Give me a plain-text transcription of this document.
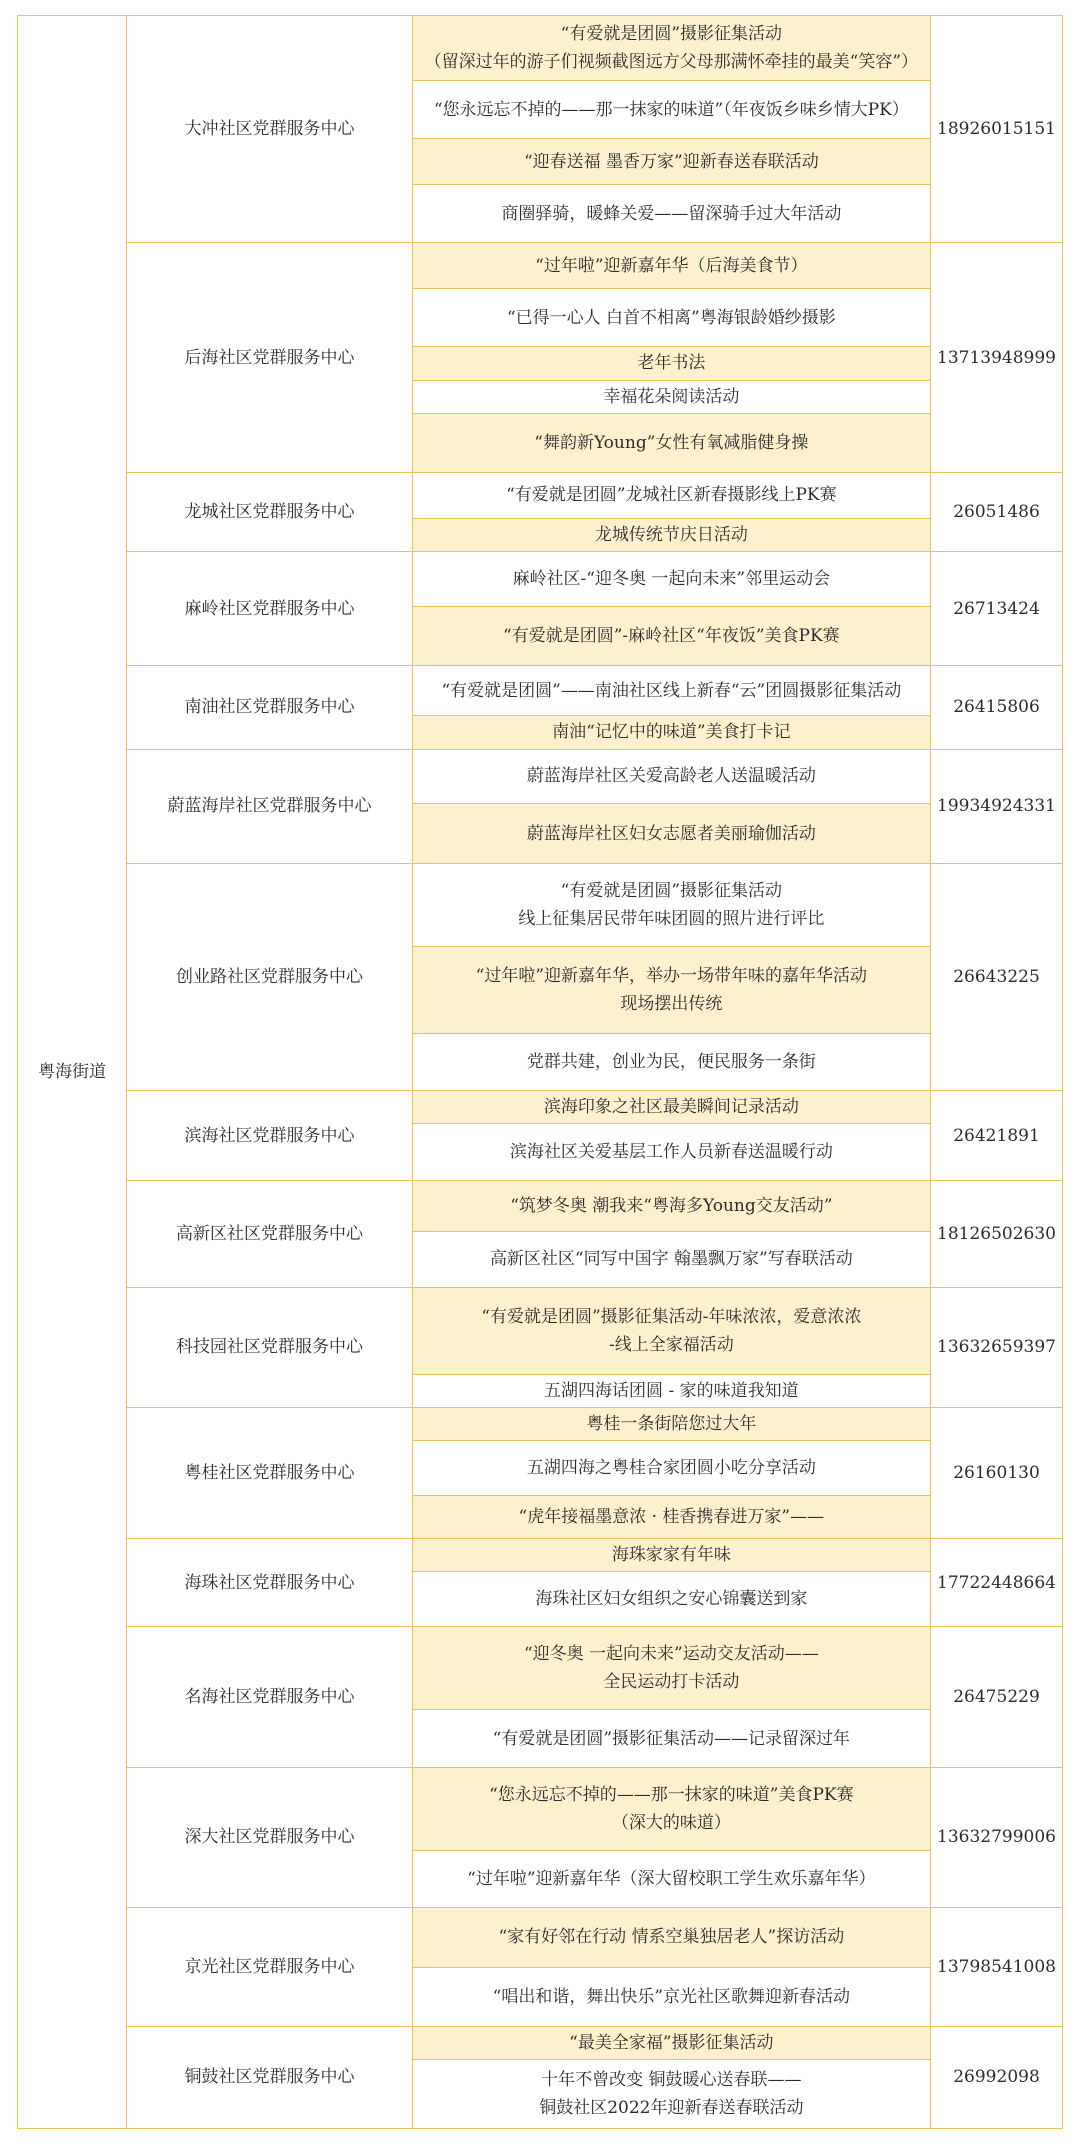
粤海街道	大冲社区党群服务中心	“有爱就是团圆”摄影征集活动
（留深过年的游子们视频截图远方父母那满怀牵挂的最美“笑容”）	18926015151

		“您永远忘不掉的——那一抹家的味道”（年夜饭乡味乡情大PK）	

		“迎春送福 墨香万家”迎新春送春联活动	

		商圈驿骑，暖蜂关爱——留深骑手过大年活动	

	后海社区党群服务中心	“过年啦”迎新嘉年华（后海美食节）	13713948999

		“已得一心人 白首不相离”粤海银龄婚纱摄影	

		老年书法	

		幸福花朵阅读活动	

		“舞韵新Young”女性有氧减脂健身操	

	龙城社区党群服务中心	“有爱就是团圆”龙城社区新春摄影线上PK赛	26051486

		龙城传统节庆日活动	

	麻岭社区党群服务中心	麻岭社区-“迎冬奥 一起向未来”邻里运动会	26713424

		“有爱就是团圆”-麻岭社区“年夜饭”美食PK赛	

	南油社区党群服务中心	“有爱就是团圆”——南油社区线上新春“云”团圆摄影征集活动	26415806

		南油“记忆中的味道”美食打卡记	

	蔚蓝海岸社区党群服务中心	蔚蓝海岸社区关爱高龄老人送温暖活动	19934924331

		蔚蓝海岸社区妇女志愿者美丽瑜伽活动	

	创业路社区党群服务中心	“有爱就是团圆”摄影征集活动
线上征集居民带年味团圆的照片进行评比	26643225

		“过年啦”迎新嘉年华，举办一场带年味的嘉年华活动
现场摆出传统	

		党群共建，创业为民，便民服务一条街	

	滨海社区党群服务中心	滨海印象之社区最美瞬间记录活动	26421891

		滨海社区关爱基层工作人员新春送温暖行动	

	高新区社区党群服务中心	“筑梦冬奥 潮我来“粤海多Young交友活动”	18126502630

		高新区社区“同写中国字 翰墨飘万家”写春联活动	

	科技园社区党群服务中心	“有爱就是团圆”摄影征集活动-年味浓浓，爱意浓浓
-线上全家福活动	13632659397

		五湖四海话团圆 - 家的味道我知道	

	粤桂社区党群服务中心	粤桂一条街陪您过大年	26160130

		五湖四海之粤桂合家团圆小吃分享活动	

		“虎年接福墨意浓 · 桂香携春进万家”——	

	海珠社区党群服务中心	海珠家家有年味	17722448664

		海珠社区妇女组织之安心锦囊送到家	

	名海社区党群服务中心	“迎冬奥 一起向未来”运动交友活动——
全民运动打卡活动	26475229

		“有爱就是团圆”摄影征集活动——记录留深过年	

	深大社区党群服务中心	“您永远忘不掉的——那一抹家的味道”美食PK赛
（深大的味道）	13632799006

		“过年啦”迎新嘉年华（深大留校职工学生欢乐嘉年华）	

	京光社区党群服务中心	“家有好邻在行动 情系空巢独居老人”探访活动	13798541008

		“唱出和谐，舞出快乐”京光社区歌舞迎新春活动	

	铜鼓社区党群服务中心	“最美全家福”摄影征集活动	26992098

		十年不曾改变 铜鼓暖心送春联——
铜鼓社区2022年迎新春送春联活动	
